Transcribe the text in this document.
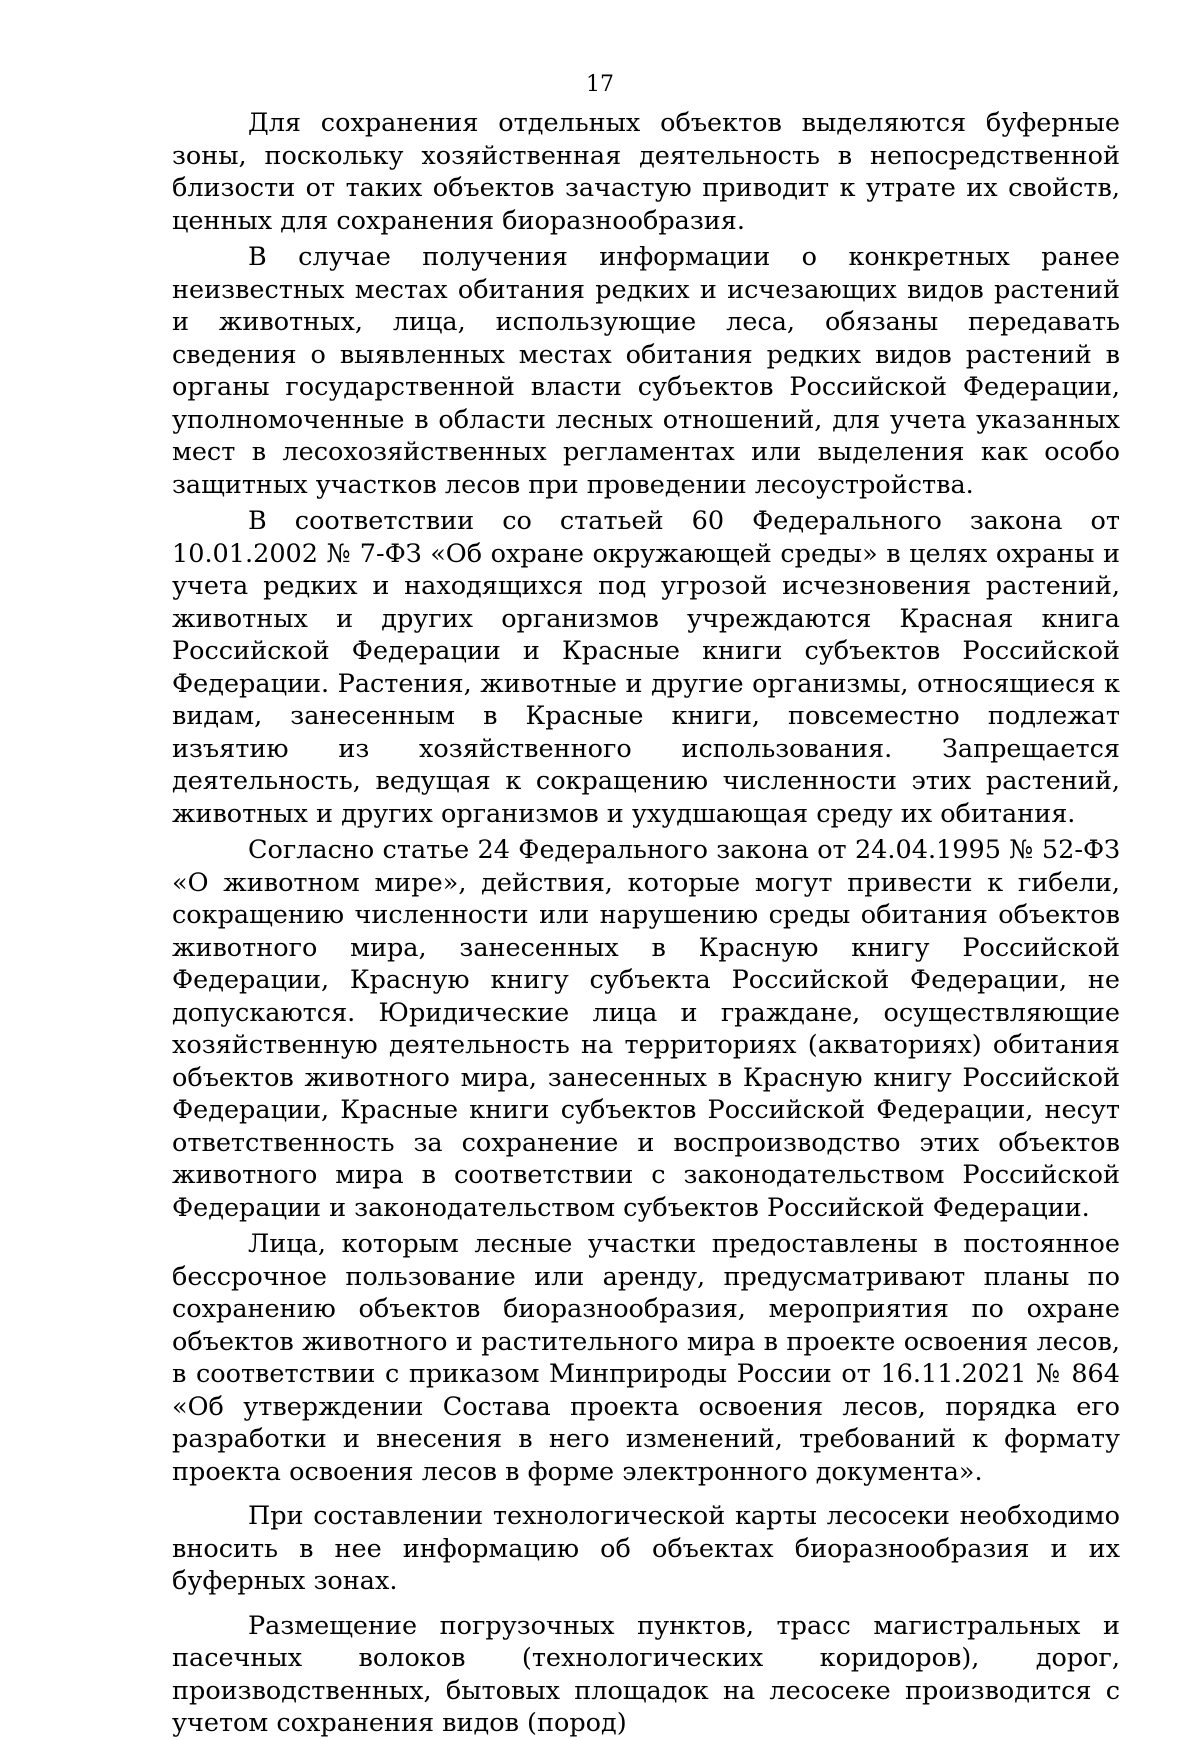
17

Для сохранения отдельных объектов выделяются буферные зоны, поскольку хозяйственная деятельность в непосредственной близости от таких объектов зачастую приводит к утрате их свойств, ценных для сохранения биоразнообразия.

В случае получения информации о конкретных ранее неизвестных местах обитания редких и исчезающих видов растений и животных, лица, использующие леса, обязаны передавать сведения о выявленных местах обитания редких видов растений в органы государственной власти субъектов Российской Федерации, уполномоченные в области лесных отношений, для учета указанных мест в лесохозяйственных регламентах или выделения как особо защитных участков лесов при проведении лесоустройства.

В соответствии со статьей 60 Федерального закона от 10.01.2002 № 7-ФЗ «Об охране окружающей среды» в целях охраны и учета редких и находящихся под угрозой исчезновения растений, животных и других организмов учреждаются Красная книга Российской Федерации и Красные книги субъектов Российской Федерации. Растения, животные и другие организмы, относящиеся к видам, занесенным в Красные книги, повсеместно подлежат изъятию из хозяйственного использования. Запрещается деятельность, ведущая к сокращению численности этих растений, животных и других организмов и ухудшающая среду их обитания.

Согласно статье 24 Федерального закона от 24.04.1995 № 52-ФЗ «О животном мире», действия, которые могут привести к гибели, сокращению численности или нарушению среды обитания объектов животного мира, занесенных в Красную книгу Российской Федерации, Красную книгу субъекта Российской Федерации, не допускаются. Юридические лица и граждане, осуществляющие хозяйственную деятельность на территориях (акваториях) обитания объектов животного мира, занесенных в Красную книгу Российской Федерации, Красные книги субъектов Российской Федерации, несут ответственность за сохранение и воспроизводство этих объектов животного мира в соответствии с законодательством Российской Федерации и законодательством субъектов Российской Федерации.

Лица, которым лесные участки предоставлены в постоянное бессрочное пользование или аренду, предусматривают планы по сохранению объектов биоразнообразия, мероприятия по охране объектов животного и растительного мира в проекте освоения лесов, в соответствии с приказом Минприроды России от 16.11.2021 № 864 «Об утверждении Состава проекта освоения лесов, порядка его разработки и внесения в него изменений, требований к формату проекта освоения лесов в форме электронного документа».

При составлении технологической карты лесосеки необходимо вносить в нее информацию об объектах биоразнообразия и их буферных зонах.

Размещение погрузочных пунктов, трасс магистральных и пасечных волоков (технологических коридоров), дорог, производственных, бытовых площадок на лесосеке производится с учетом сохранения видов (пород)
